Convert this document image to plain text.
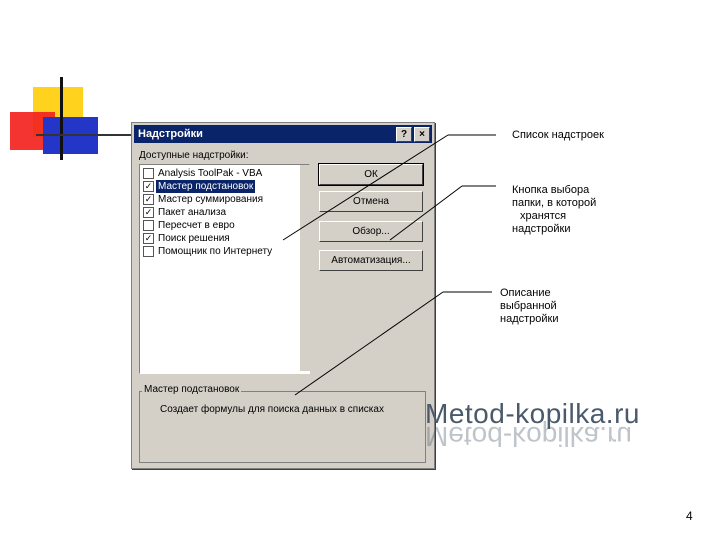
Надстройки	?	×
Доступные надстройки:
Analysis ToolPak - VBA
✓ Мастер подстановок
✓ Мастер суммирования
✓ Пакет анализа
Пересчет в евро
✓ Поиск решения
Помощник по Интернету
ОК
Отмена
Обзор...
Автоматизация...
Мастер подстановок
Создает формулы для поиска данных в списках
Список надстроек
Кнопка выбора
папки, в которой
хранятся
надстройки
Описание
выбранной
надстройки
Metod-kopilka.ru
Metod-kopilka.ru
4
